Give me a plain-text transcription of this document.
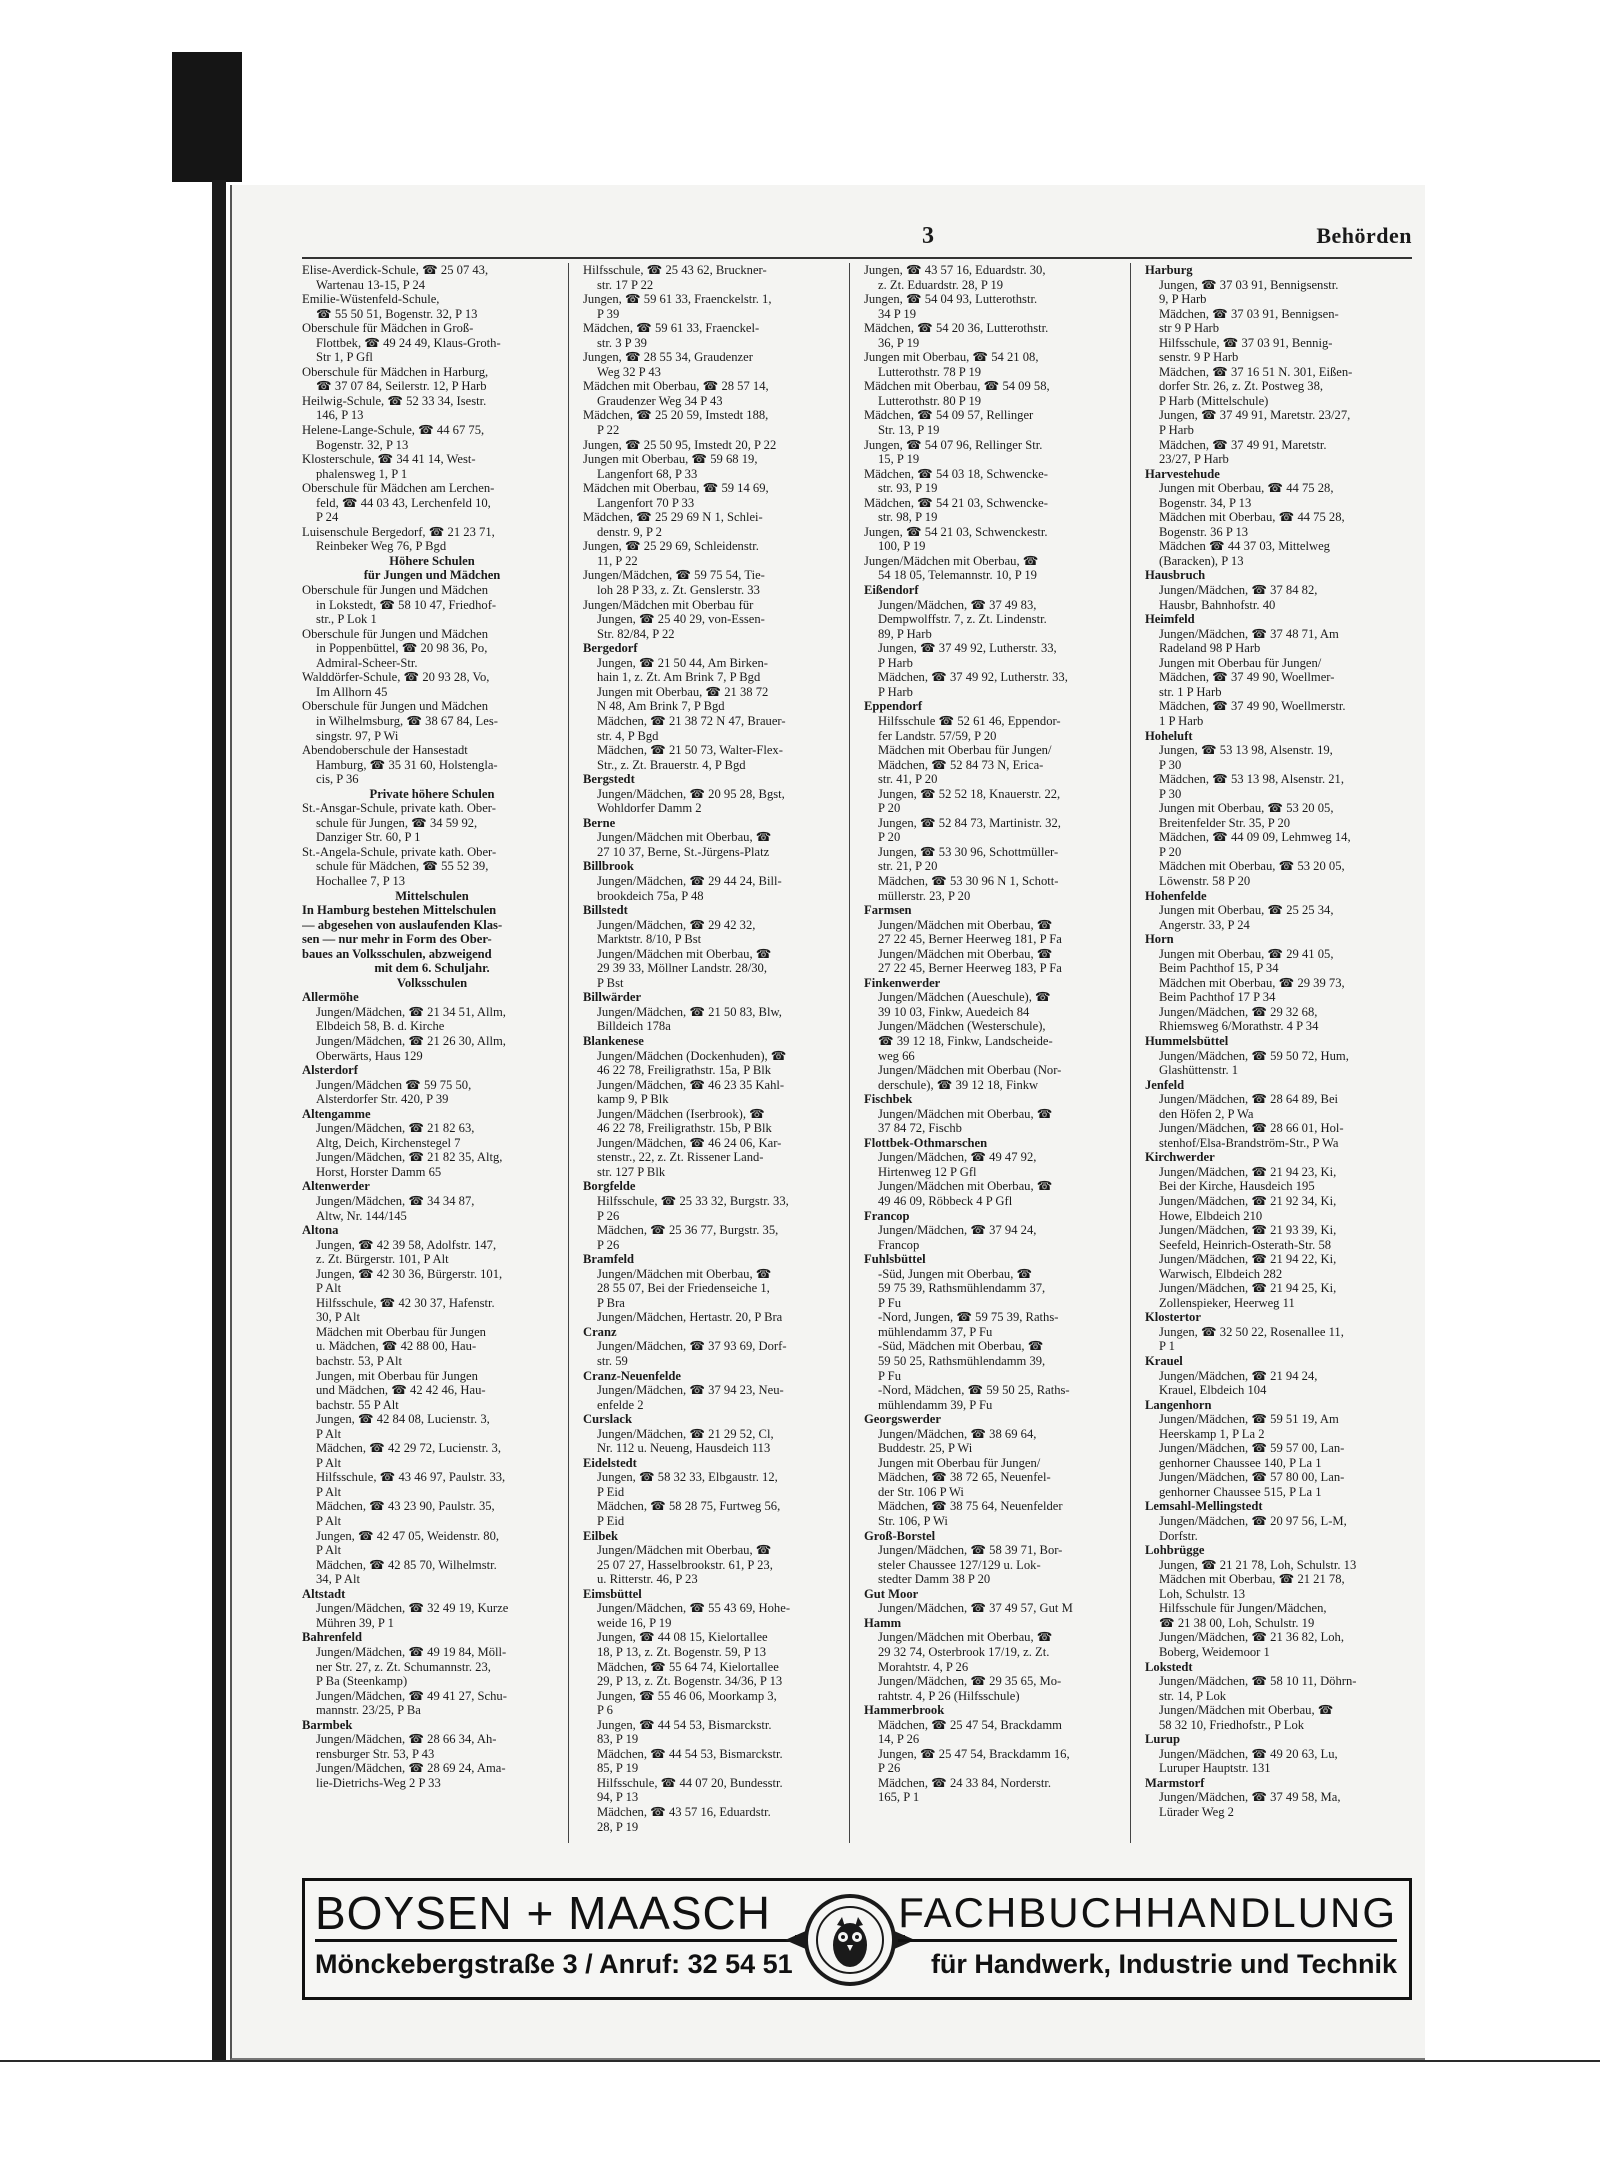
3	Behörden
Elise-Averdick-Schule, ☎ 25 07 43,
Wartenau 13-15, P 24
Emilie-Wüstenfeld-Schule,
☎ 55 50 51, Bogenstr. 32, P 13
Oberschule für Mädchen in Groß-
Flottbek, ☎ 49 24 49, Klaus-Groth-
Str 1, P Gfl
Oberschule für Mädchen in Harburg,
☎ 37 07 84, Seilerstr. 12, P Harb
Heilwig-Schule, ☎ 52 33 34, Isestr.
146, P 13
Helene-Lange-Schule, ☎ 44 67 75,
Bogenstr. 32, P 13
Klosterschule, ☎ 34 41 14, West-
phalensweg 1, P 1
Oberschule für Mädchen am Lerchen-
feld, ☎ 44 03 43, Lerchenfeld 10,
P 24
Luisenschule Bergedorf, ☎ 21 23 71,
Reinbeker Weg 76, P Bgd
Höhere Schulen
für Jungen und Mädchen
Oberschule für Jungen und Mädchen
in Lokstedt, ☎ 58 10 47, Friedhof-
str., P Lok 1
Oberschule für Jungen und Mädchen
in Poppenbüttel, ☎ 20 98 36, Po,
Admiral-Scheer-Str.
Walddörfer-Schule, ☎ 20 93 28, Vo,
Im Allhorn 45
Oberschule für Jungen und Mädchen
in Wilhelmsburg, ☎ 38 67 84, Les-
singstr. 97, P Wi
Abendoberschule der Hansestadt
Hamburg, ☎ 35 31 60, Holstengla-
cis, P 36
Private höhere Schulen
St.-Ansgar-Schule, private kath. Ober-
schule für Jungen, ☎ 34 59 92,
Danziger Str. 60, P 1
St.-Angela-Schule, private kath. Ober-
schule für Mädchen, ☎ 55 52 39,
Hochallee 7, P 13
Mittelschulen
In Hamburg bestehen Mittelschulen
— abgesehen von auslaufenden Klas-
sen — nur mehr in Form des Ober-
baues an Volksschulen, abzweigend
mit dem 6. Schuljahr.
Volksschulen
Allermöhe
Jungen/Mädchen, ☎ 21 34 51, Allm,
Elbdeich 58, B. d. Kirche
Jungen/Mädchen, ☎ 21 26 30, Allm,
Oberwärts, Haus 129
Alsterdorf
Jungen/Mädchen ☎ 59 75 50,
Alsterdorfer Str. 420, P 39
Altengamme
Jungen/Mädchen, ☎ 21 82 63,
Altg, Deich, Kirchenstegel 7
Jungen/Mädchen, ☎ 21 82 35, Altg,
Horst, Horster Damm 65
Altenwerder
Jungen/Mädchen, ☎ 34 34 87,
Altw, Nr. 144/145
Altona
Jungen, ☎ 42 39 58, Adolfstr. 147,
z. Zt. Bürgerstr. 101, P Alt
Jungen, ☎ 42 30 36, Bürgerstr. 101,
P Alt
Hilfsschule, ☎ 42 30 37, Hafenstr.
30, P Alt
Mädchen mit Oberbau für Jungen
u. Mädchen, ☎ 42 88 00, Hau-
bachstr. 53, P Alt
Jungen, mit Oberbau für Jungen
und Mädchen, ☎ 42 42 46, Hau-
bachstr. 55 P Alt
Jungen, ☎ 42 84 08, Lucienstr. 3,
P Alt
Mädchen, ☎ 42 29 72, Lucienstr. 3,
P Alt
Hilfsschule, ☎ 43 46 97, Paulstr. 33,
P Alt
Mädchen, ☎ 43 23 90, Paulstr. 35,
P Alt
Jungen, ☎ 42 47 05, Weidenstr. 80,
P Alt
Mädchen, ☎ 42 85 70, Wilhelmstr.
34, P Alt
Altstadt
Jungen/Mädchen, ☎ 32 49 19, Kurze
Mühren 39, P 1
Bahrenfeld
Jungen/Mädchen, ☎ 49 19 84, Möll-
ner Str. 27, z. Zt. Schumannstr. 23,
P Ba (Steenkamp)
Jungen/Mädchen, ☎ 49 41 27, Schu-
mannstr. 23/25, P Ba
Barmbek
Jungen/Mädchen, ☎ 28 66 34, Ah-
rensburger Str. 53, P 43
Jungen/Mädchen, ☎ 28 69 24, Ama-
lie-Dietrichs-Weg 2 P 33
Hilfsschule, ☎ 25 43 62, Bruckner-
str. 17 P 22
Jungen, ☎ 59 61 33, Fraenckelstr. 1,
P 39
Mädchen, ☎ 59 61 33, Fraenckel-
str. 3 P 39
Jungen, ☎ 28 55 34, Graudenzer
Weg 32 P 43
Mädchen mit Oberbau, ☎ 28 57 14,
Graudenzer Weg 34 P 43
Mädchen, ☎ 25 20 59, Imstedt 188,
P 22
Jungen, ☎ 25 50 95, Imstedt 20, P 22
Jungen mit Oberbau, ☎ 59 68 19,
Langenfort 68, P 33
Mädchen mit Oberbau, ☎ 59 14 69,
Langenfort 70 P 33
Mädchen, ☎ 25 29 69 N 1, Schlei-
denstr. 9, P 2
Jungen, ☎ 25 29 69, Schleidenstr.
11, P 22
Jungen/Mädchen, ☎ 59 75 54, Tie-
loh 28 P 33, z. Zt. Genslerstr. 33
Jungen/Mädchen mit Oberbau für
Jungen, ☎ 25 40 29, von-Essen-
Str. 82/84, P 22
Bergedorf
Jungen, ☎ 21 50 44, Am Birken-
hain 1, z. Zt. Am Brink 7, P Bgd
Jungen mit Oberbau, ☎ 21 38 72
N 48, Am Brink 7, P Bgd
Mädchen, ☎ 21 38 72 N 47, Brauer-
str. 4, P Bgd
Mädchen, ☎ 21 50 73, Walter-Flex-
Str., z. Zt. Brauerstr. 4, P Bgd
Bergstedt
Jungen/Mädchen, ☎ 20 95 28, Bgst,
Wohldorfer Damm 2
Berne
Jungen/Mädchen mit Oberbau, ☎
27 10 37, Berne, St.-Jürgens-Platz
Billbrook
Jungen/Mädchen, ☎ 29 44 24, Bill-
brookdeich 75a, P 48
Billstedt
Jungen/Mädchen, ☎ 29 42 32,
Marktstr. 8/10, P Bst
Jungen/Mädchen mit Oberbau, ☎
29 39 33, Möllner Landstr. 28/30,
P Bst
Billwärder
Jungen/Mädchen, ☎ 21 50 83, Blw,
Billdeich 178a
Blankenese
Jungen/Mädchen (Dockenhuden), ☎
46 22 78, Freiligrathstr. 15a, P Blk
Jungen/Mädchen, ☎ 46 23 35 Kahl-
kamp 9, P Blk
Jungen/Mädchen (Iserbrook), ☎
46 22 78, Freiligrathstr. 15b, P Blk
Jungen/Mädchen, ☎ 46 24 06, Kar-
stenstr., 22, z. Zt. Rissener Land-
str. 127 P Blk
Borgfelde
Hilfsschule, ☎ 25 33 32, Burgstr. 33,
P 26
Mädchen, ☎ 25 36 77, Burgstr. 35,
P 26
Bramfeld
Jungen/Mädchen mit Oberbau, ☎
28 55 07, Bei der Friedenseiche 1,
P Bra
Jungen/Mädchen, Hertastr. 20, P Bra
Cranz
Jungen/Mädchen, ☎ 37 93 69, Dorf-
str. 59
Cranz-Neuenfelde
Jungen/Mädchen, ☎ 37 94 23, Neu-
enfelde 2
Curslack
Jungen/Mädchen, ☎ 21 29 52, Cl,
Nr. 112 u. Neueng, Hausdeich 113
Eidelstedt
Jungen, ☎ 58 32 33, Elbgaustr. 12,
P Eid
Mädchen, ☎ 58 28 75, Furtweg 56,
P Eid
Eilbek
Jungen/Mädchen mit Oberbau, ☎
25 07 27, Hasselbrookstr. 61, P 23,
u. Ritterstr. 46, P 23
Eimsbüttel
Jungen/Mädchen, ☎ 55 43 69, Hohe-
weide 16, P 19
Jungen, ☎ 44 08 15, Kielortallee
18, P 13, z. Zt. Bogenstr. 59, P 13
Mädchen, ☎ 55 64 74, Kielortallee
29, P 13, z. Zt. Bogenstr. 34/36, P 13
Jungen, ☎ 55 46 06, Moorkamp 3,
P 6
Jungen, ☎ 44 54 53, Bismarckstr.
83, P 19
Mädchen, ☎ 44 54 53, Bismarckstr.
85, P 19
Hilfsschule, ☎ 44 07 20, Bundesstr.
94, P 13
Mädchen, ☎ 43 57 16, Eduardstr.
28, P 19
Jungen, ☎ 43 57 16, Eduardstr. 30,
z. Zt. Eduardstr. 28, P 19
Jungen, ☎ 54 04 93, Lutterothstr.
34 P 19
Mädchen, ☎ 54 20 36, Lutterothstr.
36, P 19
Jungen mit Oberbau, ☎ 54 21 08,
Lutterothstr. 78 P 19
Mädchen mit Oberbau, ☎ 54 09 58,
Lutterothstr. 80 P 19
Mädchen, ☎ 54 09 57, Rellinger
Str. 13, P 19
Jungen, ☎ 54 07 96, Rellinger Str.
15, P 19
Mädchen, ☎ 54 03 18, Schwencke-
str. 93, P 19
Mädchen, ☎ 54 21 03, Schwencke-
str. 98, P 19
Jungen, ☎ 54 21 03, Schwenckestr.
100, P 19
Jungen/Mädchen mit Oberbau, ☎
54 18 05, Telemannstr. 10, P 19
Eißendorf
Jungen/Mädchen, ☎ 37 49 83,
Dempwolffstr. 7, z. Zt. Lindenstr.
89, P Harb
Jungen, ☎ 37 49 92, Lutherstr. 33,
P Harb
Mädchen, ☎ 37 49 92, Lutherstr. 33,
P Harb
Eppendorf
Hilfsschule ☎ 52 61 46, Eppendor-
fer Landstr. 57/59, P 20
Mädchen mit Oberbau für Jungen/
Mädchen, ☎ 52 84 73 N, Erica-
str. 41, P 20
Jungen, ☎ 52 52 18, Knauerstr. 22,
P 20
Jungen, ☎ 52 84 73, Martinistr. 32,
P 20
Jungen, ☎ 53 30 96, Schottmüller-
str. 21, P 20
Mädchen, ☎ 53 30 96 N 1, Schott-
müllerstr. 23, P 20
Farmsen
Jungen/Mädchen mit Oberbau, ☎
27 22 45, Berner Heerweg 181, P Fa
Jungen/Mädchen mit Oberbau, ☎
27 22 45, Berner Heerweg 183, P Fa
Finkenwerder
Jungen/Mädchen (Aueschule), ☎
39 10 03, Finkw, Auedeich 84
Jungen/Mädchen (Westerschule),
☎ 39 12 18, Finkw, Landscheide-
weg 66
Jungen/Mädchen mit Oberbau (Nor-
derschule), ☎ 39 12 18, Finkw
Fischbek
Jungen/Mädchen mit Oberbau, ☎
37 84 72, Fischb
Flottbek-Othmarschen
Jungen/Mädchen, ☎ 49 47 92,
Hirtenweg 12 P Gfl
Jungen/Mädchen mit Oberbau, ☎
49 46 09, Röbbeck 4 P Gfl
Francop
Jungen/Mädchen, ☎ 37 94 24,
Francop
Fuhlsbüttel
-Süd, Jungen mit Oberbau, ☎
59 75 39, Rathsmühlendamm 37,
P Fu
-Nord, Jungen, ☎ 59 75 39, Raths-
mühlendamm 37, P Fu
-Süd, Mädchen mit Oberbau, ☎
59 50 25, Rathsmühlendamm 39,
P Fu
-Nord, Mädchen, ☎ 59 50 25, Raths-
mühlendamm 39, P Fu
Georgswerder
Jungen/Mädchen, ☎ 38 69 64,
Buddestr. 25, P Wi
Jungen mit Oberbau für Jungen/
Mädchen, ☎ 38 72 65, Neuenfel-
der Str. 106 P Wi
Mädchen, ☎ 38 75 64, Neuenfelder
Str. 106, P Wi
Groß-Borstel
Jungen/Mädchen, ☎ 58 39 71, Bor-
steler Chaussee 127/129 u. Lok-
stedter Damm 38 P 20
Gut Moor
Jungen/Mädchen, ☎ 37 49 57, Gut M
Hamm
Jungen/Mädchen mit Oberbau, ☎
29 32 74, Osterbrook 17/19, z. Zt.
Morahtstr. 4, P 26
Jungen/Mädchen, ☎ 29 35 65, Mo-
rahtstr. 4, P 26 (Hilfsschule)
Hammerbrook
Mädchen, ☎ 25 47 54, Brackdamm
14, P 26
Jungen, ☎ 25 47 54, Brackdamm 16,
P 26
Mädchen, ☎ 24 33 84, Norderstr.
165, P 1
Harburg
Jungen, ☎ 37 03 91, Bennigsenstr.
9, P Harb
Mädchen, ☎ 37 03 91, Bennigsen-
str 9 P Harb
Hilfsschule, ☎ 37 03 91, Bennig-
senstr. 9 P Harb
Mädchen, ☎ 37 16 51 N. 301, Eißen-
dorfer Str. 26, z. Zt. Postweg 38,
P Harb (Mittelschule)
Jungen, ☎ 37 49 91, Maretstr. 23/27,
P Harb
Mädchen, ☎ 37 49 91, Maretstr.
23/27, P Harb
Harvestehude
Jungen mit Oberbau, ☎ 44 75 28,
Bogenstr. 34, P 13
Mädchen mit Oberbau, ☎ 44 75 28,
Bogenstr. 36 P 13
Mädchen ☎ 44 37 03, Mittelweg
(Baracken), P 13
Hausbruch
Jungen/Mädchen, ☎ 37 84 82,
Hausbr, Bahnhofstr. 40
Heimfeld
Jungen/Mädchen, ☎ 37 48 71, Am
Radeland 98 P Harb
Jungen mit Oberbau für Jungen/
Mädchen, ☎ 37 49 90, Woellmer-
str. 1 P Harb
Mädchen, ☎ 37 49 90, Woellmerstr.
1 P Harb
Hoheluft
Jungen, ☎ 53 13 98, Alsenstr. 19,
P 30
Mädchen, ☎ 53 13 98, Alsenstr. 21,
P 30
Jungen mit Oberbau, ☎ 53 20 05,
Breitenfelder Str. 35, P 20
Mädchen, ☎ 44 09 09, Lehmweg 14,
P 20
Mädchen mit Oberbau, ☎ 53 20 05,
Löwenstr. 58 P 20
Hohenfelde
Jungen mit Oberbau, ☎ 25 25 34,
Angerstr. 33, P 24
Horn
Jungen mit Oberbau, ☎ 29 41 05,
Beim Pachthof 15, P 34
Mädchen mit Oberbau, ☎ 29 39 73,
Beim Pachthof 17 P 34
Jungen/Mädchen, ☎ 29 32 68,
Rhiemsweg 6/Morathstr. 4 P 34
Hummelsbüttel
Jungen/Mädchen, ☎ 59 50 72, Hum,
Glashüttenstr. 1
Jenfeld
Jungen/Mädchen, ☎ 28 64 89, Bei
den Höfen 2, P Wa
Jungen/Mädchen, ☎ 28 66 01, Hol-
stenhof/Elsa-Brandström-Str., P Wa
Kirchwerder
Jungen/Mädchen, ☎ 21 94 23, Ki,
Bei der Kirche, Hausdeich 195
Jungen/Mädchen, ☎ 21 92 34, Ki,
Howe, Elbdeich 210
Jungen/Mädchen, ☎ 21 93 39, Ki,
Seefeld, Heinrich-Osterath-Str. 58
Jungen/Mädchen, ☎ 21 94 22, Ki,
Warwisch, Elbdeich 282
Jungen/Mädchen, ☎ 21 94 25, Ki,
Zollenspieker, Heerweg 11
Klostertor
Jungen, ☎ 32 50 22, Rosenallee 11,
P 1
Krauel
Jungen/Mädchen, ☎ 21 94 24,
Krauel, Elbdeich 104
Langenhorn
Jungen/Mädchen, ☎ 59 51 19, Am
Heerskamp 1, P La 2
Jungen/Mädchen, ☎ 59 57 00, Lan-
genhorner Chaussee 140, P La 1
Jungen/Mädchen, ☎ 57 80 00, Lan-
genhorner Chaussee 515, P La 1
Lemsahl-Mellingstedt
Jungen/Mädchen, ☎ 20 97 56, L-M,
Dorfstr.
Lohbrügge
Jungen, ☎ 21 21 78, Loh, Schulstr. 13
Mädchen mit Oberbau, ☎ 21 21 78,
Loh, Schulstr. 13
Hilfsschule für Jungen/Mädchen,
☎ 21 38 00, Loh, Schulstr. 19
Jungen/Mädchen, ☎ 21 36 82, Loh,
Boberg, Weidemoor 1
Lokstedt
Jungen/Mädchen, ☎ 58 10 11, Döhrn-
str. 14, P Lok
Jungen/Mädchen mit Oberbau, ☎
58 32 10, Friedhofstr., P Lok
Lurup
Jungen/Mädchen, ☎ 49 20 63, Lu,
Luruper Hauptstr. 131
Marmstorf
Jungen/Mädchen, ☎ 37 49 58, Ma,
Lürader Weg 2
BOYSEN + MAASCH
Mönckebergstraße 3 / Anruf: 32 54 51
FACHBUCHHANDLUNG
für Handwerk, Industrie und Technik
